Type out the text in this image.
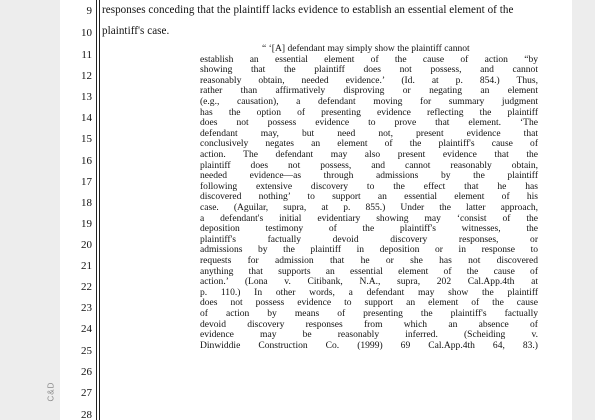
9
10
11
12
13
14
15
16
17
18
19
20
21
22
23
24
25
26
27
28
responses conceding that the plaintiff lacks evidence to establish an essential element of the
plaintiff's case.
“ ‘[A] defendant may simply show the plaintiff cannot
establish an essential element of the cause of action “by
showing that the plaintiff does not possess, and cannot
reasonably obtain, needed evidence.’ (Id. at p. 854.) Thus,
rather than affirmatively disproving or negating an element
(e.g., causation), a defendant moving for summary judgment
has the option of presenting evidence reflecting the plaintiff
does not possess evidence to prove that element. ‘The
defendant may, but need not, present evidence that
conclusively negates an element of the plaintiff's cause of
action. The defendant may also present evidence that the
plaintiff does not possess, and cannot reasonably obtain,
needed evidence—as through admissions by the plaintiff
following extensive discovery to the effect that he has
discovered nothing’ to support an essential element of his
case. (Aguilar, supra, at p. 855.) Under the latter approach,
a defendant's initial evidentiary showing may ‘consist of the
deposition testimony of the plaintiff's witnesses, the
plaintiff's factually devoid discovery responses, or
admissions by the plaintiff in deposition or in response to
requests for admission that he or she has not discovered
anything that supports an essential element of the cause of
action.’ (Lona v. Citibank, N.A., supra, 202 Cal.App.4th at
p. 110.) In other words, a defendant may show the plaintiff
does not possess evidence to support an element of the cause
of action by means of presenting the plaintiff's factually
devoid discovery responses from which an absence of
evidence may be reasonably inferred. (Scheiding v.
Dinwiddie Construction Co. (1999) 69 Cal.App.4th 64, 83.)
C&D
